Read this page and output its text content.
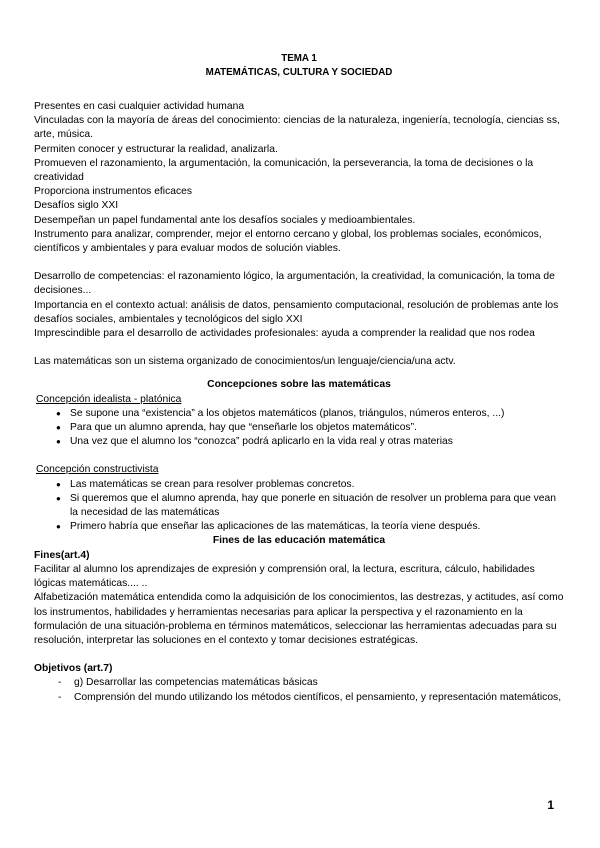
TEMA 1
MATEMÁTICAS, CULTURA Y SOCIEDAD

Presentes en casi cualquier actividad humana

Vinculadas con la mayoría de áreas del conocimiento: ciencias de la naturaleza, ingeniería, tecnología, ciencias ss, arte, música.

Permiten conocer y estructurar la realidad, analizarla.

Promueven el razonamiento, la argumentación, la comunicación, la perseverancia, la toma de decisiones o la creatividad

Proporciona instrumentos eficaces

Desafíos siglo XXI

Desempeñan un papel fundamental ante los desafíos sociales y medioambientales.

Instrumento para analizar, comprender, mejor el entorno cercano y global, los problemas sociales, económicos, científicos y ambientales y para evaluar modos de solución viables.

Desarrollo de competencias: el razonamiento lógico, la argumentación, la creatividad, la comunicación, la toma de decisiones...

Importancia en el contexto actual: análisis de datos, pensamiento computacional, resolución de problemas ante los desafíos sociales, ambientales y tecnológicos del siglo XXI

Imprescindible para el desarrollo de actividades profesionales: ayuda a comprender la realidad que nos rodea

Las matemáticas son un sistema organizado de conocimientos/un lenguaje/ciencia/una actv.

Concepciones sobre las matemáticas
Concepción idealista - platónica
● Se supone una “existencia” a los objetos matemáticos (planos, triángulos, números enteros, ...)
● Para que un alumno aprenda, hay que “enseñarle los objetos matemáticos”.
● Una vez que el alumno los “conozca” podrá aplicarlo en la vida real y otras materias
Concepción constructivista
● Las matemáticas se crean para resolver problemas concretos.
● Si queremos que el alumno aprenda, hay que ponerle en situación de resolver un problema para que vean la necesidad de las matemáticas
● Primero habría que enseñar las aplicaciones de las matemáticas, la teoría viene después.
Fines de las educación matemática
Fines(art.4)

Facilitar al alumno los aprendizajes de expresión y comprensión oral, la lectura, escritura, cálculo, habilidades lógicas matemáticas.... ..

Alfabetización matemática entendida como la adquisición de los conocimientos, las destrezas, y actitudes, así como los instrumentos, habilidades y herramientas necesarias para aplicar la perspectiva y el razonamiento en la formulación de una situación-problema en términos matemáticos, seleccionar las herramientas adecuadas para su resolución, interpretar las soluciones en el contexto y tomar decisiones estratégicas.

Objetivos (art.7)
- g) Desarrollar las competencias matemáticas básicas
- Comprensión del mundo utilizando los métodos científicos, el pensamiento, y representación matemáticos,
1
